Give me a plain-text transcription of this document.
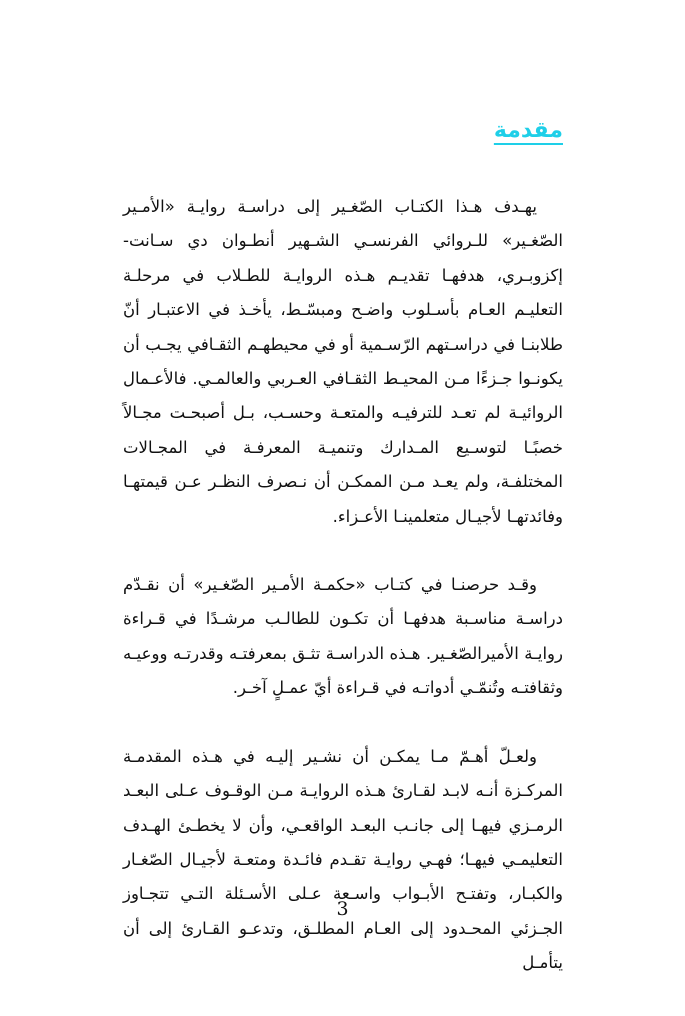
مقدمة

يهـدف هـذا الكتـاب الصّغـير إلى دراسـة روايـة «الأمـير الصّغـير» للـروائي الفرنسـي الشـهير أنطـوان دي سـانت- إكزوبـري، هدفهـا تقديـم هـذه الروايـة للطـلاب في مرحلـة التعليـم العـام بأسـلوب واضـح ومبسّـط، يأخـذ في الاعتبـار أنّ طلابنـا في دراسـتهم الرّسـمية أو في محيطهـم الثقـافي يجـب أن يكونـوا جـزءًا مـن المحيـط الثقـافي العـربي والعالمـي. فالأعـمال الروائيـة لم تعـد للترفيـه والمتعـة وحسـب، بـل أصبحـت مجـالاً خصبًـا لتوسـيع المـدارك وتنميـة المعرفـة في المجـالات المختلفـة، ولم يعـد مـن الممكـن أن نـصرف النظـر عـن قيمتهـا وفائدتهـا لأجيـال متعلمينـا الأعـزاء.

وقـد حرصنـا في كتـاب «حكمـة الأمـير الصّغـير» أن نقـدّم دراسـة مناسـبة هدفهـا أن تكـون للطالـب مرشـدًا في قـراءة روايـة الأميرالصّغـير. هـذه الدراسـة تثـق بمعرفتـه وقدرتـه ووعيـه وثقافتـه وتُنمّـي أدواتـه في قـراءة أيّ عمـلٍ آخـر.

ولعـلّ أهـمّ مـا يمكـن أن نشـير إليـه في هـذه المقدمـة المركـزة أنـه لابـد لقـارئ هـذه الروايـة مـن الوقـوف عـلى البعـد الرمـزي فيهـا إلى جانـب البعـد الواقعـي، وأن لا يخطـئ الهـدف التعليمـي فيهـا؛ فهـي روايـة تقـدم فائـدة ومتعـة لأجيـال الصّغـار والكبـار، وتفتـح الأبـواب واسـعة عـلى الأسـئلة التـي تتجـاوز الجـزئي المحـدود إلى العـام المطلـق، وتدعـو القـارئ إلى أن يتأمـل

3
